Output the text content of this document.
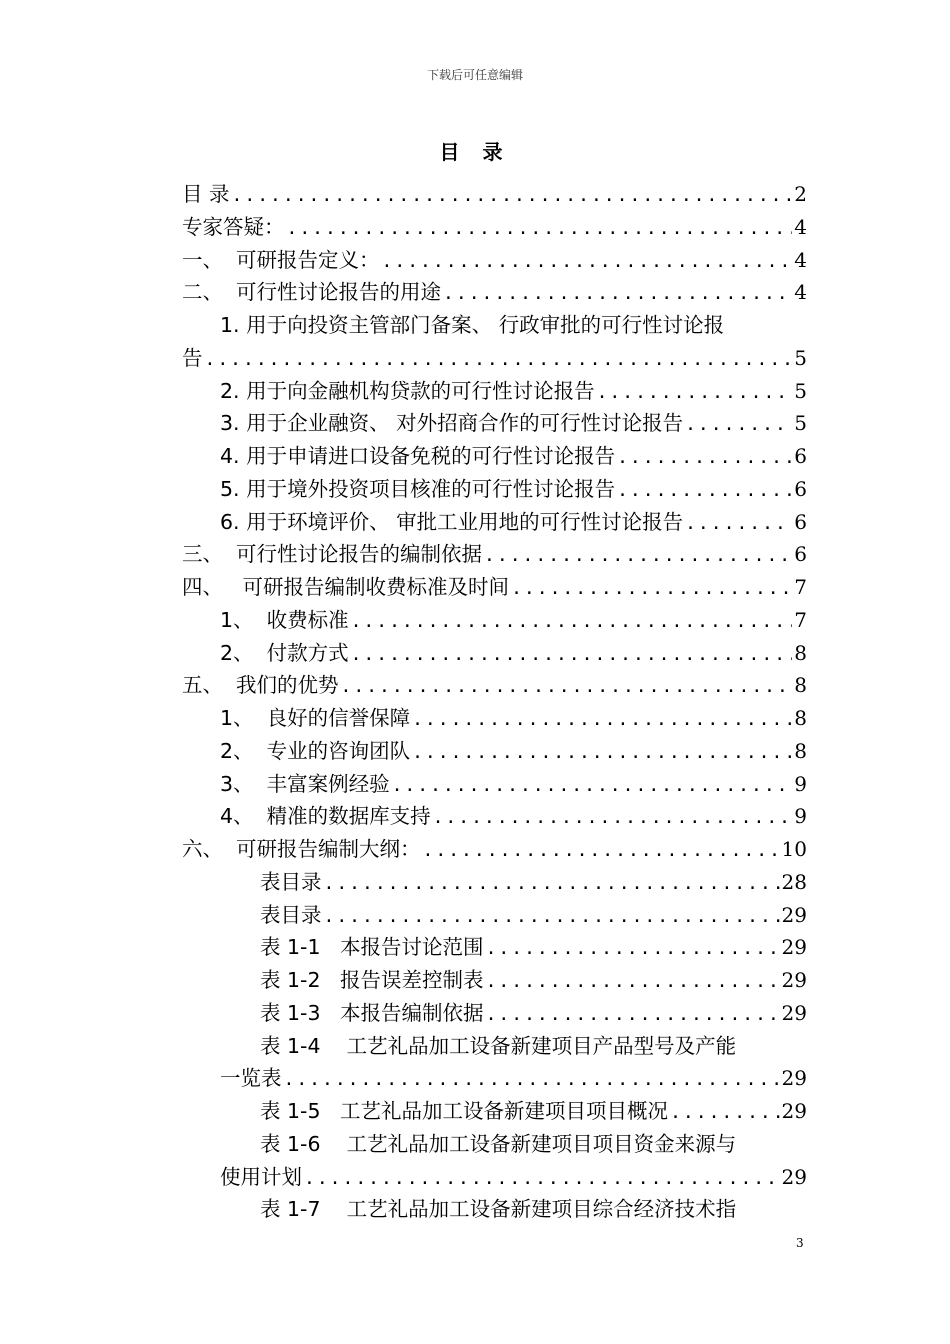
下载后可任意编辑
目 录
目 录 .....	2
专家答疑： .....	4
一、  可研报告定义： .....	4
二、  可行性讨论报告的用途 .....	4
1. 用于向投资主管部门备案、 行政审批的可行性讨论报
告 .....	5
2. 用于向金融机构贷款的可行性讨论报告 .....	5
3. 用于企业融资、 对外招商合作的可行性讨论报告 .....	5
4. 用于申请进口设备免税的可行性讨论报告 .....	6
5. 用于境外投资项目核准的可行性讨论报告 .....	6
6. 用于环境评价、 审批工业用地的可行性讨论报告 .....	6
三、  可行性讨论报告的编制依据 .....	6
四、   可研报告编制收费标准及时间 .....	7
1、  收费标准 .....	7
2、  付款方式 .....	8
五、  我们的优势 .....	8
1、  良好的信誉保障 .....	8
2、  专业的咨询团队 .....	8
3、  丰富案例经验 .....	9
4、  精准的数据库支持 .....	9
六、  可研报告编制大纲： .....	10
表目录 .....	28
表目录 .....	29
表 1-1   本报告讨论范围 .....	29
表 1-2   报告误差控制表 .....	29
表 1-3   本报告编制依据 .....	29
表 1-4    工艺礼品加工设备新建项目产品型号及产能
一览表 .....	29
表 1-5   工艺礼品加工设备新建项目项目概况 .....	29
表 1-6    工艺礼品加工设备新建项目项目资金来源与
使用计划 .....	29
表 1-7    工艺礼品加工设备新建项目综合经济技术指
3
